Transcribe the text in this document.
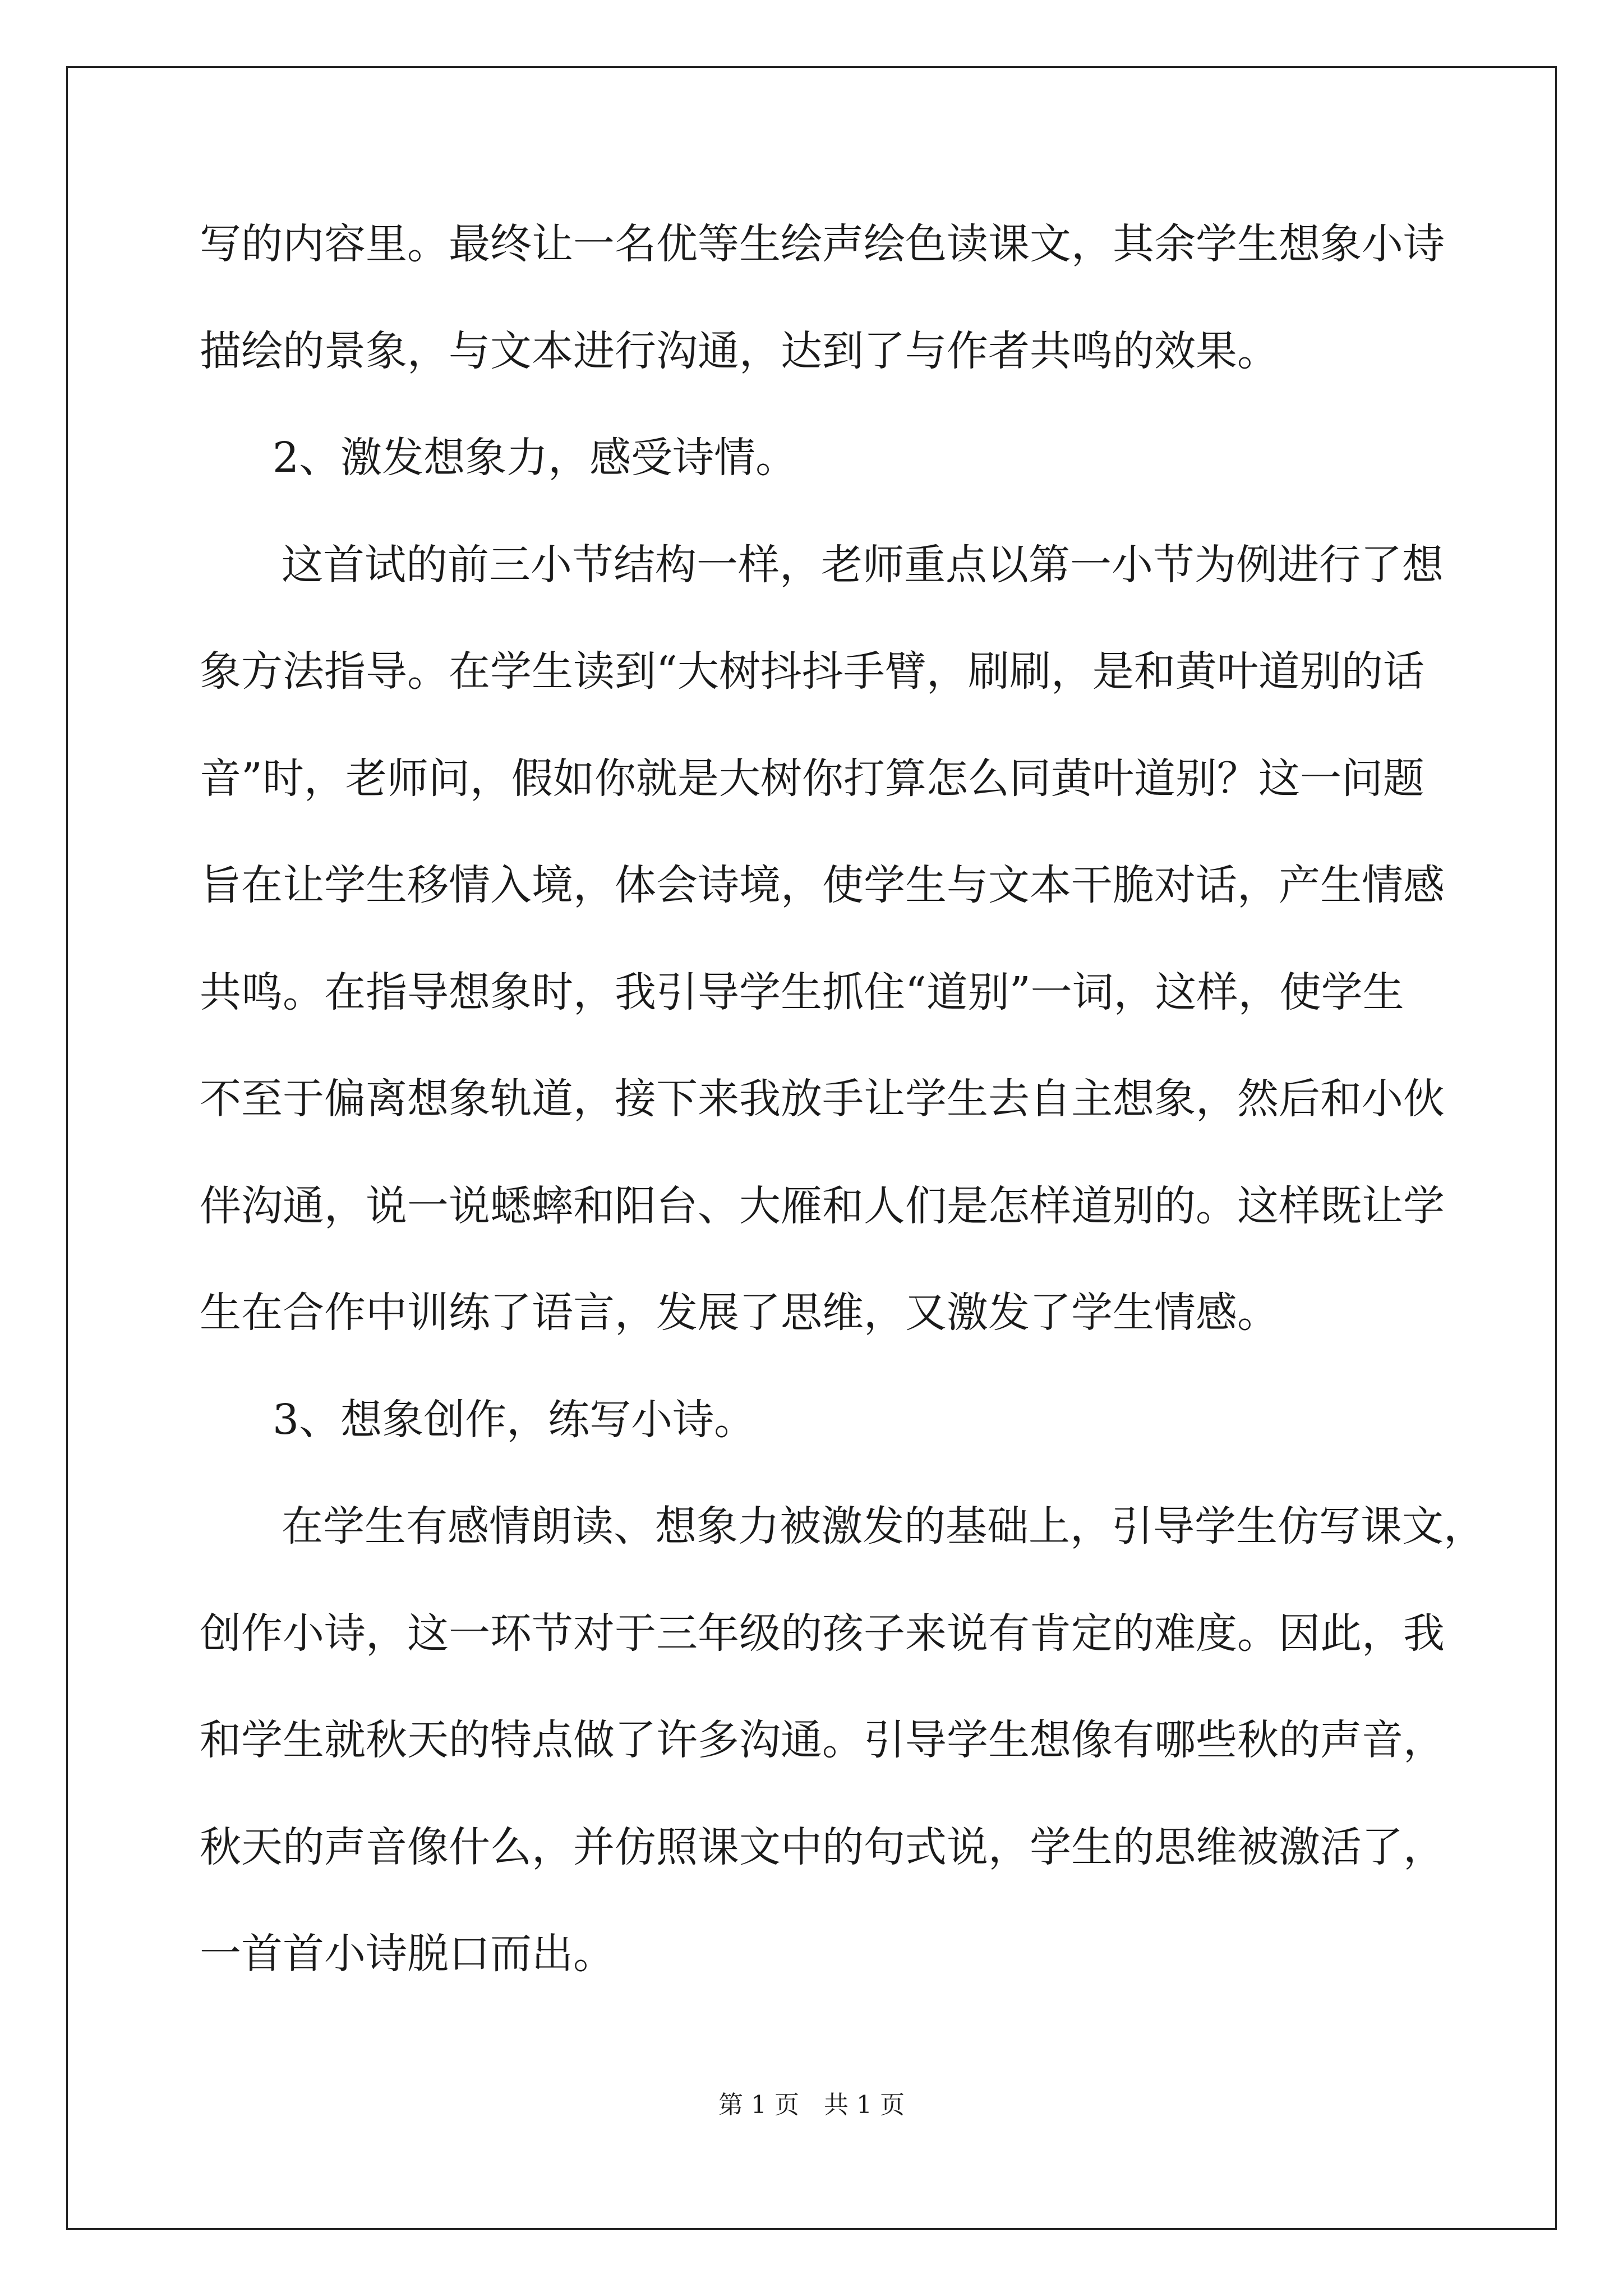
写的内容里。最终让一名优等生绘声绘色读课文，其余学生想象小诗
描绘的景象，与文本进行沟通，达到了与作者共鸣的效果。
2、激发想象力，感受诗情。
这首试的前三小节结构一样，老师重点以第一小节为例进行了想
象方法指导。在学生读到“大树抖抖手臂，刷刷，是和黄叶道别的话
音”时，老师问，假如你就是大树你打算怎么同黄叶道别？这一问题
旨在让学生移情入境，体会诗境，使学生与文本干脆对话，产生情感
共鸣。在指导想象时，我引导学生抓住“道别”一词，这样，使学生
不至于偏离想象轨道，接下来我放手让学生去自主想象，然后和小伙
伴沟通，说一说蟋蟀和阳台、大雁和人们是怎样道别的。这样既让学
生在合作中训练了语言，发展了思维，又激发了学生情感。
3、想象创作，练写小诗。
在学生有感情朗读、想象力被激发的基础上，引导学生仿写课文，
创作小诗，这一环节对于三年级的孩子来说有肯定的难度。因此，我
和学生就秋天的特点做了许多沟通。引导学生想像有哪些秋的声音，
秋天的声音像什么，并仿照课文中的句式说，学生的思维被激活了，
一首首小诗脱口而出。
第 1 页　共 1 页
